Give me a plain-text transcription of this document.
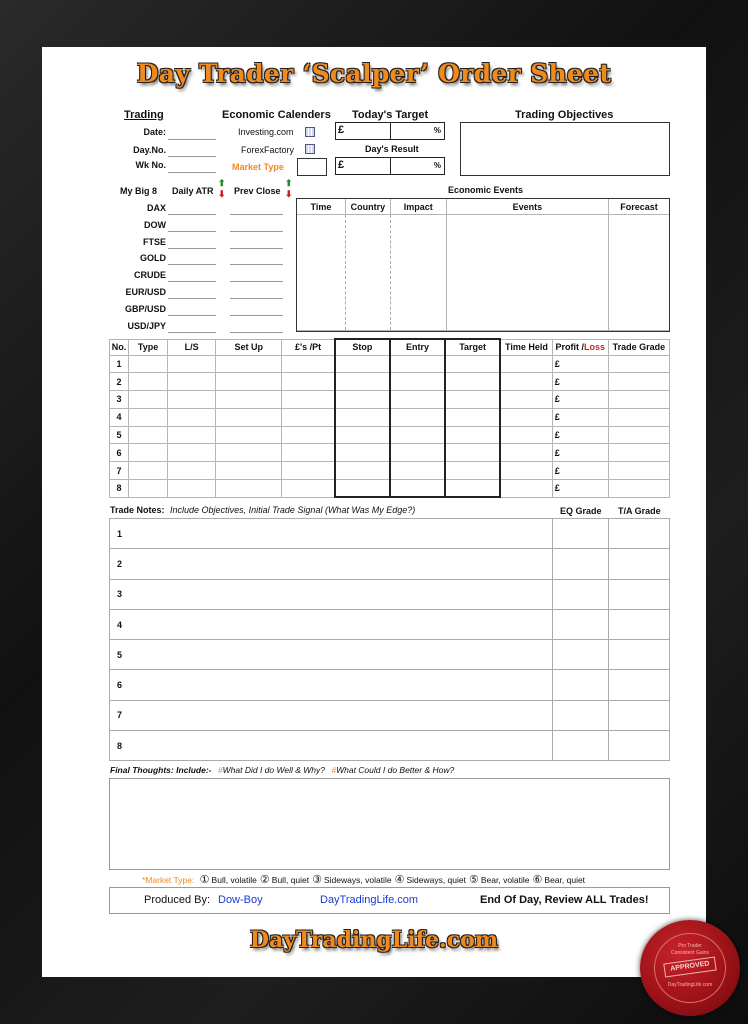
Day Trader ‘Scalper’ Order Sheet
Trading
Date:
Day.No.
Wk No.
Economic Calenders
Investing.com
ForexFactory
Market Type
Today's Target
£	%
Day's Result
£	%
Trading Objectives
My Big 8 Daily ATR
⬆
⬇ Prev Close
⬆
⬇
DAX
DOW
FTSE
GOLD
CRUDE
EUR/USD
GBP/USD
USD/JPY
Economic Events
Time	Country	Impact	Events	Forecast

No.	Type	L/S	Set Up	£'s /Pt	Stop	Entry	Target	Time Held	Profit /Loss	Trade Grade
1									£	
2									£	
3									£	
4									£	
5									£	
6									£	
7									£	
8									£	
Trade Notes: Include Objectives, Initial Trade Signal (What Was My Edge?)	EQ Grade T/A Grade
1		
2		
3		
4		
5		
6		
7		
8		
Final Thoughts: Include:- #What Did I do Well & Why? #What Could I do Better & How?
*Market Type: ① Bull, volatile ② Bull, quiet ③ Sideways, volatile ④ Sideways, quiet ⑤ Bear, volatile ⑥ Bear, quiet
Produced By: Dow-Boy	DayTradingLife.com	End Of Day, Review ALL Trades!
DayTradingLife.com	Pro Trader
Consistent Gains
APPROVED
DayTradingLife.com
